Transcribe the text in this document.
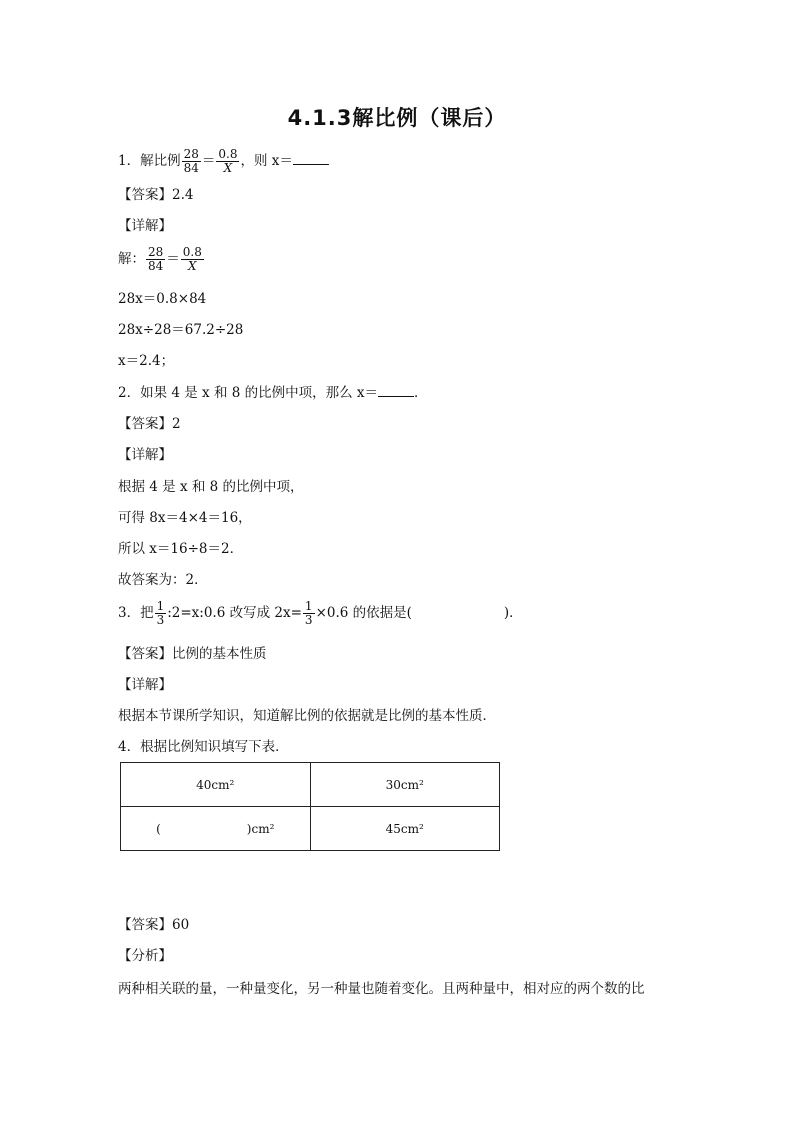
4.1.3解比例（课后）
1．解比例 $\frac{28}{84} = \frac{0.8}{X}$ ，则 x＝
【答案】2.4
【详解】
解： $\frac{28}{84} = \frac{0.8}{X}$
28x＝0.8×84
28x÷28＝67.2÷28
x＝2.4；
2．如果 4 是 x 和 8 的比例中项，那么 x＝	．
【答案】2
【详解】
根据 4 是 x 和 8 的比例中项，
可得 8x＝4×4＝16，
所以 x＝16÷8＝2．
故答案为：2．
3．把 $\frac{1}{3}$ :2=x:0.6 改写成 $2x= \frac{1}{3} \times 0.6$ 的依据是(	)．
【答案】比例的基本性质
【详解】
根据本节课所学知识，知道解比例的依据就是比例的基本性质．
4．根据比例知识填写下表．
40cm²	30cm²
( )cm²	45cm²
【答案】60
【分析】
两种相关联的量，一种量变化，另一种量也随着变化。且两种量中，相对应的两个数的比
